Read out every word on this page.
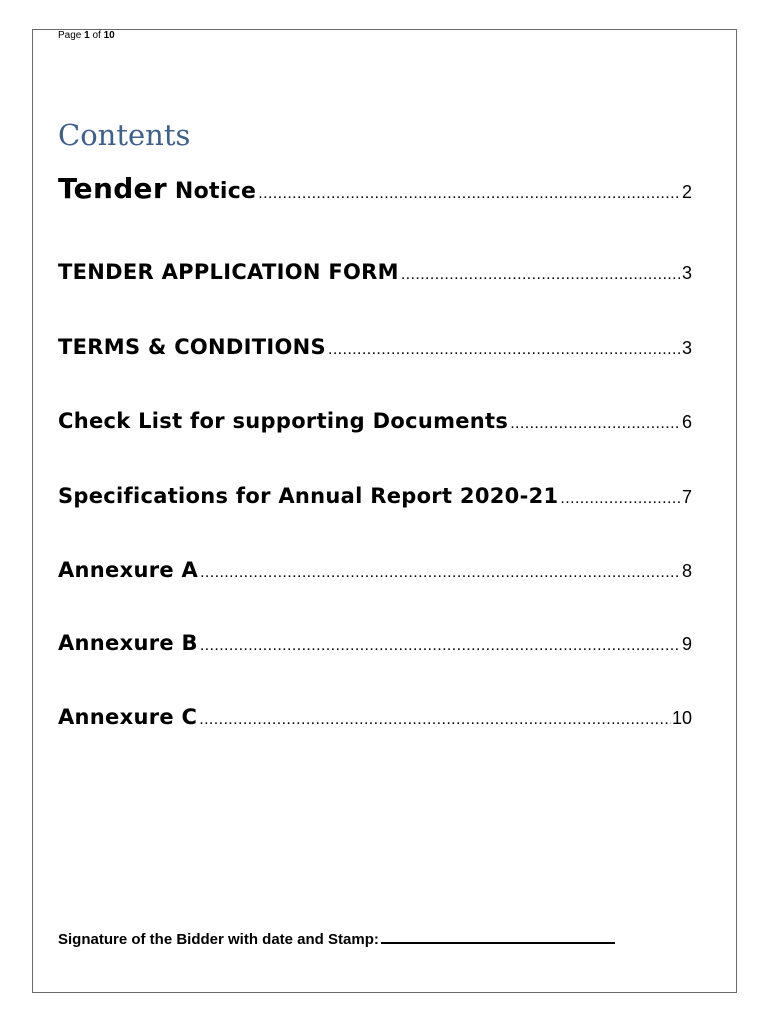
Page 1 of 10
Contents
Tender Notice .....	2
TENDER APPLICATION FORM .....	3
TERMS & CONDITIONS .....	3
Check List for supporting Documents .....	6
Specifications for Annual Report 2020-21 .....	7
Annexure A .....	8
Annexure B .....	9
Annexure C .....	10
Signature of the Bidder with date and Stamp:
